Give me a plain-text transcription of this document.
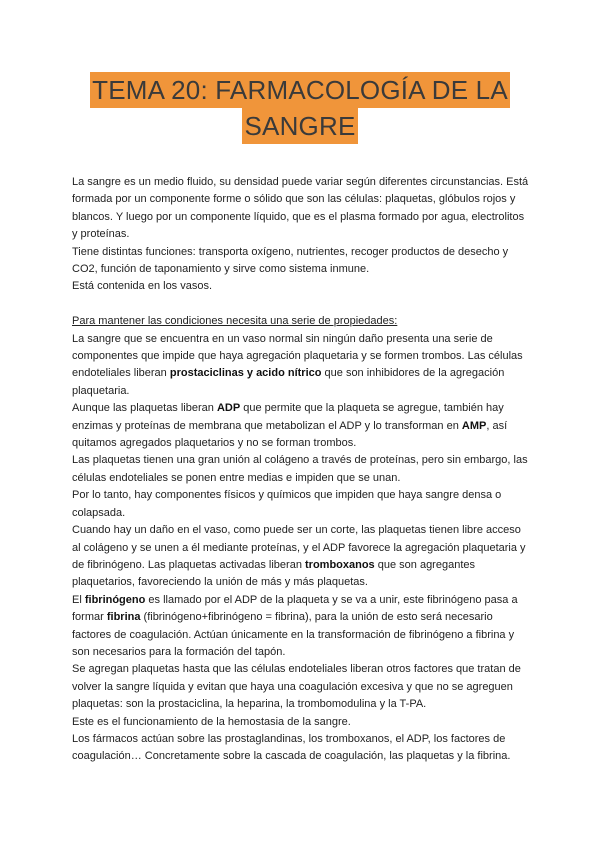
TEMA 20: FARMACOLOGÍA DE LA
SANGRE

La sangre es un medio fluido, su densidad puede variar según diferentes circunstancias. Está formada por un componente forme o sólido que son las células: plaquetas, glóbulos rojos y blancos. Y luego por un componente líquido, que es el plasma formado por agua, electrolitos y proteínas.

Tiene distintas funciones: transporta oxígeno, nutrientes, recoger productos de desecho y CO2, función de taponamiento y sirve como sistema inmune.

Está contenida en los vasos.

Para mantener las condiciones necesita una serie de propiedades:

La sangre que se encuentra en un vaso normal sin ningún daño presenta una serie de componentes que impide que haya agregación plaquetaria y se formen trombos. Las células endoteliales liberan prostaciclinas y acido nítrico que son inhibidores de la agregación plaquetaria.

Aunque las plaquetas liberan ADP que permite que la plaqueta se agregue, también hay enzimas y proteínas de membrana que metabolizan el ADP y lo transforman en AMP, así quitamos agregados plaquetarios y no se forman trombos.

Las plaquetas tienen una gran unión al colágeno a través de proteínas, pero sin embargo, las células endoteliales se ponen entre medias e impiden que se unan.

Por lo tanto, hay componentes físicos y químicos que impiden que haya sangre densa o colapsada.

Cuando hay un daño en el vaso, como puede ser un corte, las plaquetas tienen libre acceso al colágeno y se unen a él mediante proteínas, y el ADP favorece la agregación plaquetaria y de fibrinógeno. Las plaquetas activadas liberan tromboxanos que son agregantes plaquetarios, favoreciendo la unión de más y más plaquetas.

El fibrinógeno es llamado por el ADP de la plaqueta y se va a unir, este fibrinógeno pasa a formar fibrina (fibrinógeno+fibrinógeno = fibrina), para la unión de esto será necesario factores de coagulación. Actúan únicamente en la transformación de fibrinógeno a fibrina y son necesarios para la formación del tapón.

Se agregan plaquetas hasta que las células endoteliales liberan otros factores que tratan de volver la sangre líquida y evitan que haya una coagulación excesiva y que no se agreguen plaquetas: son la prostaciclina, la heparina, la trombomodulina y la T-PA.

Este es el funcionamiento de la hemostasia de la sangre.

Los fármacos actúan sobre las prostaglandinas, los tromboxanos, el ADP, los factores de coagulación… Concretamente sobre la cascada de coagulación, las plaquetas y la fibrina.
